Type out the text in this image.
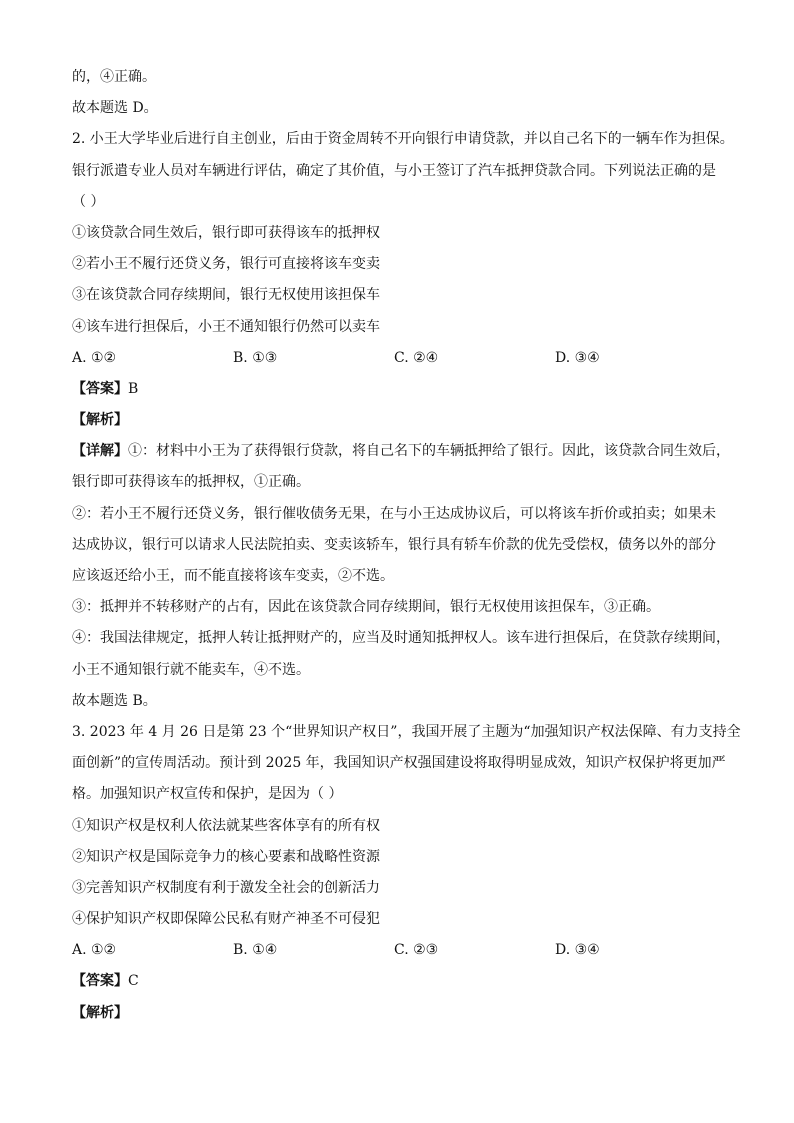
的，④正确。
故本题选 D。
2. 小王大学毕业后进行自主创业，后由于资金周转不开向银行申请贷款，并以自己名下的一辆车作为担保。
银行派遣专业人员对车辆进行评估，确定了其价值，与小王签订了汽车抵押贷款合同。下列说法正确的是
（ ）
①该贷款合同生效后，银行即可获得该车的抵押权
②若小王不履行还贷义务，银行可直接将该车变卖
③在该贷款合同存续期间，银行无权使用该担保车
④该车进行担保后，小王不通知银行仍然可以卖车
A. ①②	B. ①③	C. ②④	D. ③④
【答案】B
【解析】
【详解】①：材料中小王为了获得银行贷款，将自己名下的车辆抵押给了银行。因此，该贷款合同生效后，
银行即可获得该车的抵押权，①正确。
②：若小王不履行还贷义务，银行催收债务无果，在与小王达成协议后，可以将该车折价或拍卖；如果未
达成协议，银行可以请求人民法院拍卖、变卖该轿车，银行具有轿车价款的优先受偿权，债务以外的部分
应该返还给小王，而不能直接将该车变卖，②不选。
③：抵押并不转移财产的占有，因此在该贷款合同存续期间，银行无权使用该担保车，③正确。
④：我国法律规定，抵押人转让抵押财产的，应当及时通知抵押权人。该车进行担保后，在贷款存续期间，
小王不通知银行就不能卖车，④不选。
故本题选 B。
3. 2023 年 4 月 26 日是第 23 个“世界知识产权日”，我国开展了主题为“加强知识产权法保障、有力支持全
面创新”的宣传周活动。预计到 2025 年，我国知识产权强国建设将取得明显成效，知识产权保护将更加严
格。加强知识产权宣传和保护，是因为（ ）
①知识产权是权利人依法就某些客体享有的所有权
②知识产权是国际竞争力的核心要素和战略性资源
③完善知识产权制度有利于激发全社会的创新活力
④保护知识产权即保障公民私有财产神圣不可侵犯
A. ①②	B. ①④	C. ②③	D. ③④
【答案】C
【解析】
